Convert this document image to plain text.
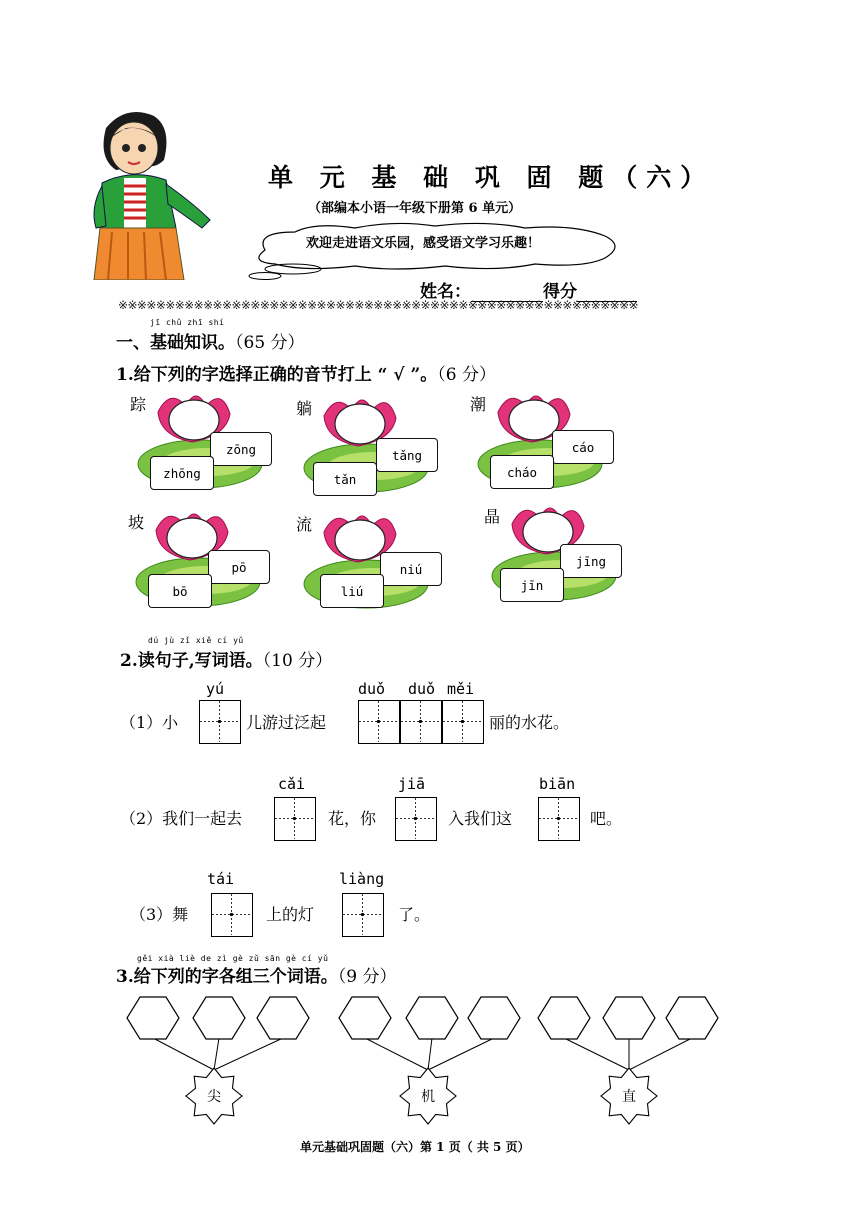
单 元 基 础 巩 固 题（六）
（部编本小语一年级下册第 6 单元）
欢迎走进语文乐园，感受语文学习乐趣！
姓名：	得分
※※※※※※※※※※※※※※※※※※※※※※※※※※※※※※※※※※※※※※※※※※※※※※※※※※※※※※※
jī chǔ zhī shí
一、基础知识。（65 分）
1.给下列的字选择正确的音节打上 “ √ ”。（6 分）
踪
zōng
zhōng
躺
tǎng
tǎn
潮
cáo
cháo
坡
pō
bō
流
niú
liú
晶
jīng
jīn
dú jù zǐ xiě cí yǔ
2.读句子,写词语。（10 分）
（1）小
yú
儿游过泛起
duǒ duǒ měi
丽的水花。
（2）我们一起去
cǎi
花，你
jiā
入我们这
biān
吧。
（3）舞
tái
上的灯
liàng
了。
gěi xià liè de zì gè zǔ sān gè cí yǔ
3.给下列的字各组三个词语。（9 分）
尖	机	直
单元基础巩固题（六）第 1 页（ 共 5 页）
